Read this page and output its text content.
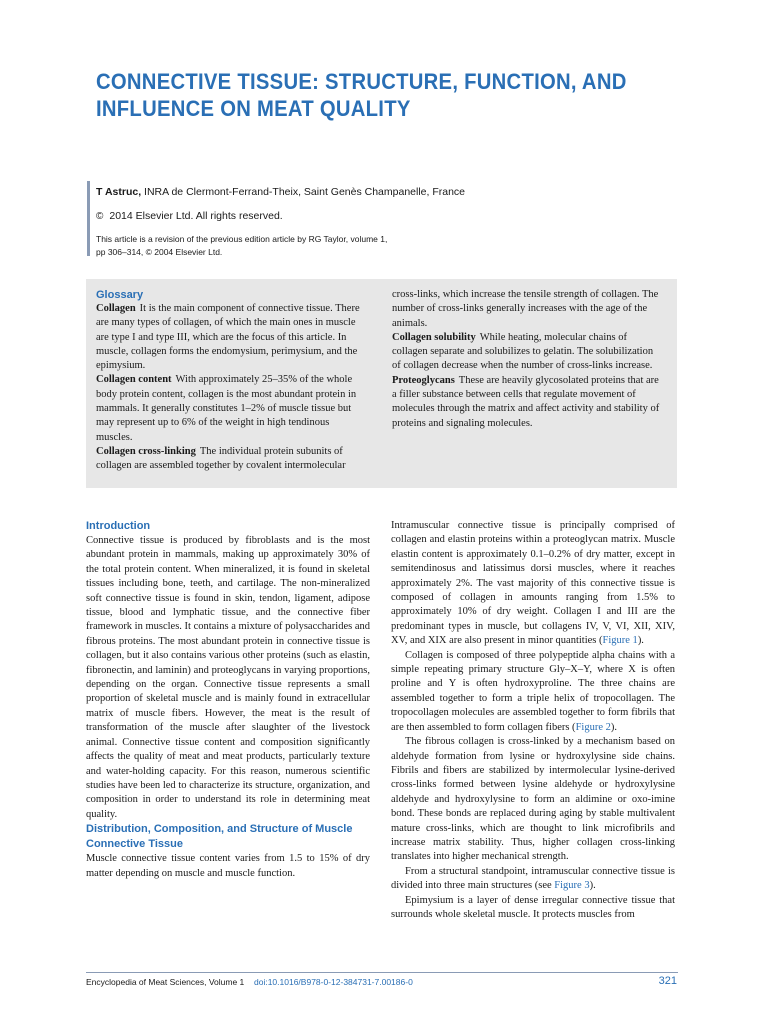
CONNECTIVE TISSUE: STRUCTURE, FUNCTION, AND INFLUENCE ON MEAT QUALITY
T Astruc, INRA de Clermont-Ferrand-Theix, Saint Genès Champanelle, France
© 2014 Elsevier Ltd. All rights reserved.
This article is a revision of the previous edition article by RG Taylor, volume 1, pp 306–314, © 2004 Elsevier Ltd.

Glossary

Collagen It is the main component of connective tissue. There are many types of collagen, of which the main ones in muscle are type I and type III, which are the focus of this article. In muscle, collagen forms the endomysium, perimysium, and the epimysium.

Collagen content With approximately 25–35% of the whole body protein content, collagen is the most abundant protein in mammals. It generally constitutes 1–2% of muscle tissue but may represent up to 6% of the weight in high tendinous muscles.

Collagen cross-linking The individual protein subunits of collagen are assembled together by covalent intermolecular

cross-links, which increase the tensile strength of collagen. The number of cross-links generally increases with the age of the animals.

Collagen solubility While heating, molecular chains of collagen separate and solubilizes to gelatin. The solubilization of collagen decrease when the number of cross-links increase.

Proteoglycans These are heavily glycosolated proteins that are a filler substance between cells that regulate movement of molecules through the matrix and affect activity and stability of proteins and signaling molecules.

Introduction

Connective tissue is produced by fibroblasts and is the most abundant protein in mammals, making up approximately 30% of the total protein content. When mineralized, it is found in skeletal tissues including bone, teeth, and cartilage. The non-mineralized soft connective tissue is found in skin, tendon, ligament, adipose tissue, blood and lymphatic tissue, and the connective fiber framework in muscles. It contains a mixture of polysaccharides and fibrous proteins. The most abundant protein in connective tissue is collagen, but it also contains various other proteins (such as elastin, fibronectin, and laminin) and proteoglycans in varying proportions, depending on the organ. Connective tissue represents a small proportion of skeletal muscle and is mainly found in extracellular matrix of muscle fibers. However, the meat is the result of transformation of the muscle after slaughter of the livestock animal. Connective tissue content and composition significantly affects the quality of meat and meat products, particularly texture and water-holding capacity. For this reason, numerous scientific studies have been led to characterize its structure, organization, and composition in order to understand its role in determining meat quality.

Distribution, Composition, and Structure of Muscle Connective Tissue

Muscle connective tissue content varies from 1.5 to 15% of dry matter depending on muscle and muscle function.

Intramuscular connective tissue is principally comprised of collagen and elastin proteins within a proteoglycan matrix. Muscle elastin content is approximately 0.1–0.2% of dry matter, except in semitendinosus and latissimus dorsi muscles, where it reaches approximately 2%. The vast majority of this connective tissue is composed of collagen in amounts ranging from 1.5% to approximately 10% of dry weight. Collagen I and III are the predominant types in muscle, but collagens IV, V, VI, XII, XIV, XV, and XIX are also present in minor quantities (Figure 1).

Collagen is composed of three polypeptide alpha chains with a simple repeating primary structure Gly–X–Y, where X is often proline and Y is often hydroxyproline. The three chains are assembled together to form a triple helix of tropocollagen. The tropocollagen molecules are assembled together to form fibrils that are then assembled to form collagen fibers (Figure 2).

The fibrous collagen is cross-linked by a mechanism based on aldehyde formation from lysine or hydroxylysine side chains. Fibrils and fibers are stabilized by intermolecular lysine-derived cross-links formed between lysine aldehyde or hydroxylysine aldehyde and hydroxylysine to form an aldimine or oxo-imine bond. These bonds are replaced during aging by stable multivalent mature cross-links, which are thought to link microfibrils and increase matrix stability. Thus, higher collagen cross-linking translates into higher mechanical strength.

From a structural standpoint, intramuscular connective tissue is divided into three main structures (see Figure 3).

Epimysium is a layer of dense irregular connective tissue that surrounds whole skeletal muscle. It protects muscles from

Encyclopedia of Meat Sciences, Volume 1 doi:10.1016/B978-0-12-384731-7.00186-0	321
